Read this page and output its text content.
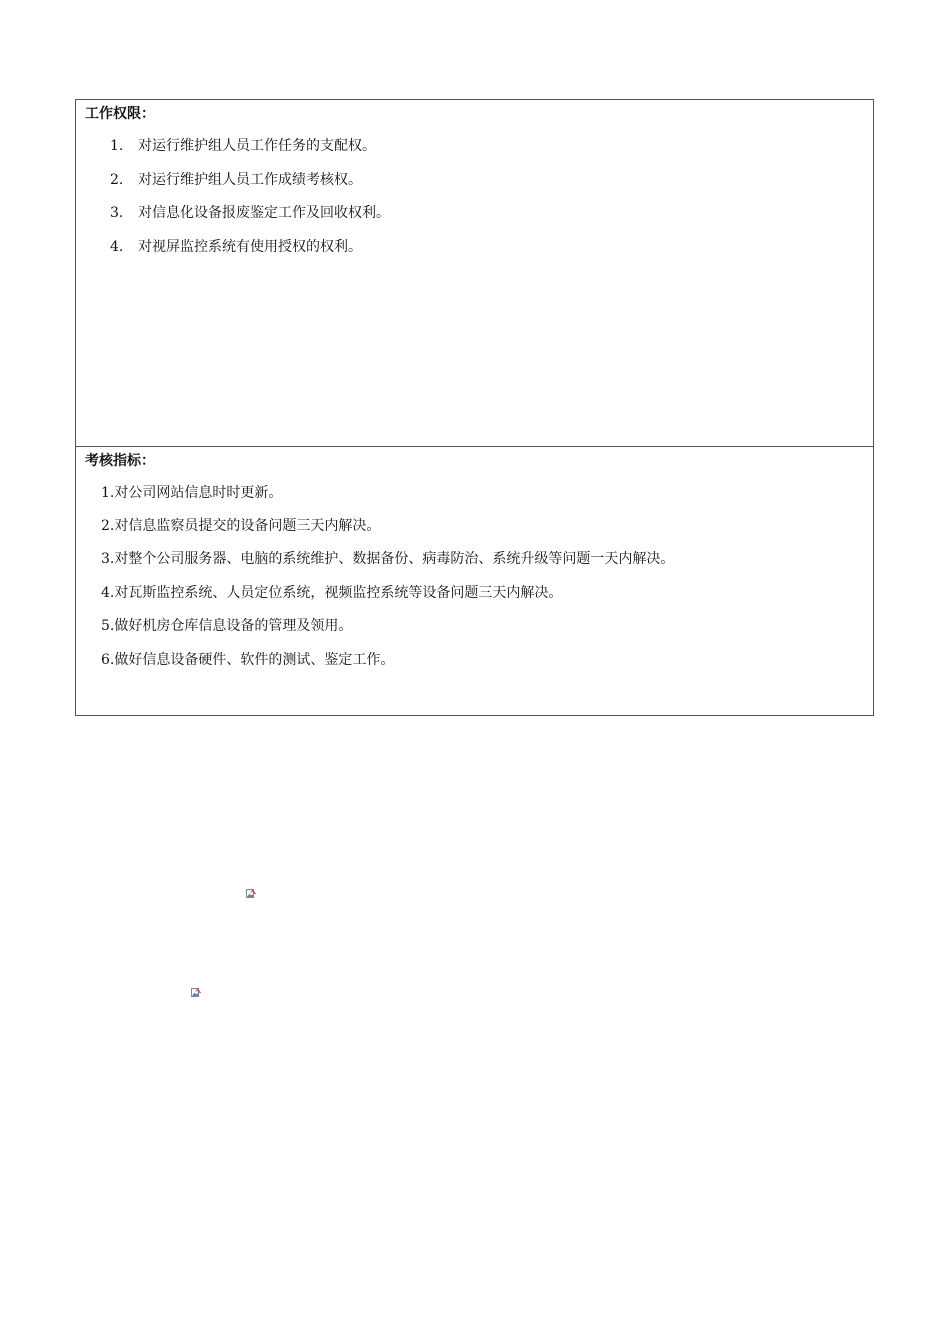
工作权限：
1. 对运行维护组人员工作任务的支配权。
2. 对运行维护组人员工作成绩考核权。
3. 对信息化设备报废鉴定工作及回收权利。
4. 对视屏监控系统有使用授权的权利。
考核指标：
1.对公司网站信息时时更新。
2.对信息监察员提交的设备问题三天内解决。
3.对整个公司服务器、电脑的系统维护、数据备份、病毒防治、系统升级等问题一天内解决。
4.对瓦斯监控系统、人员定位系统，视频监控系统等设备问题三天内解决。
5.做好机房仓库信息设备的管理及领用。
6.做好信息设备硬件、软件的测试、鉴定工作。
